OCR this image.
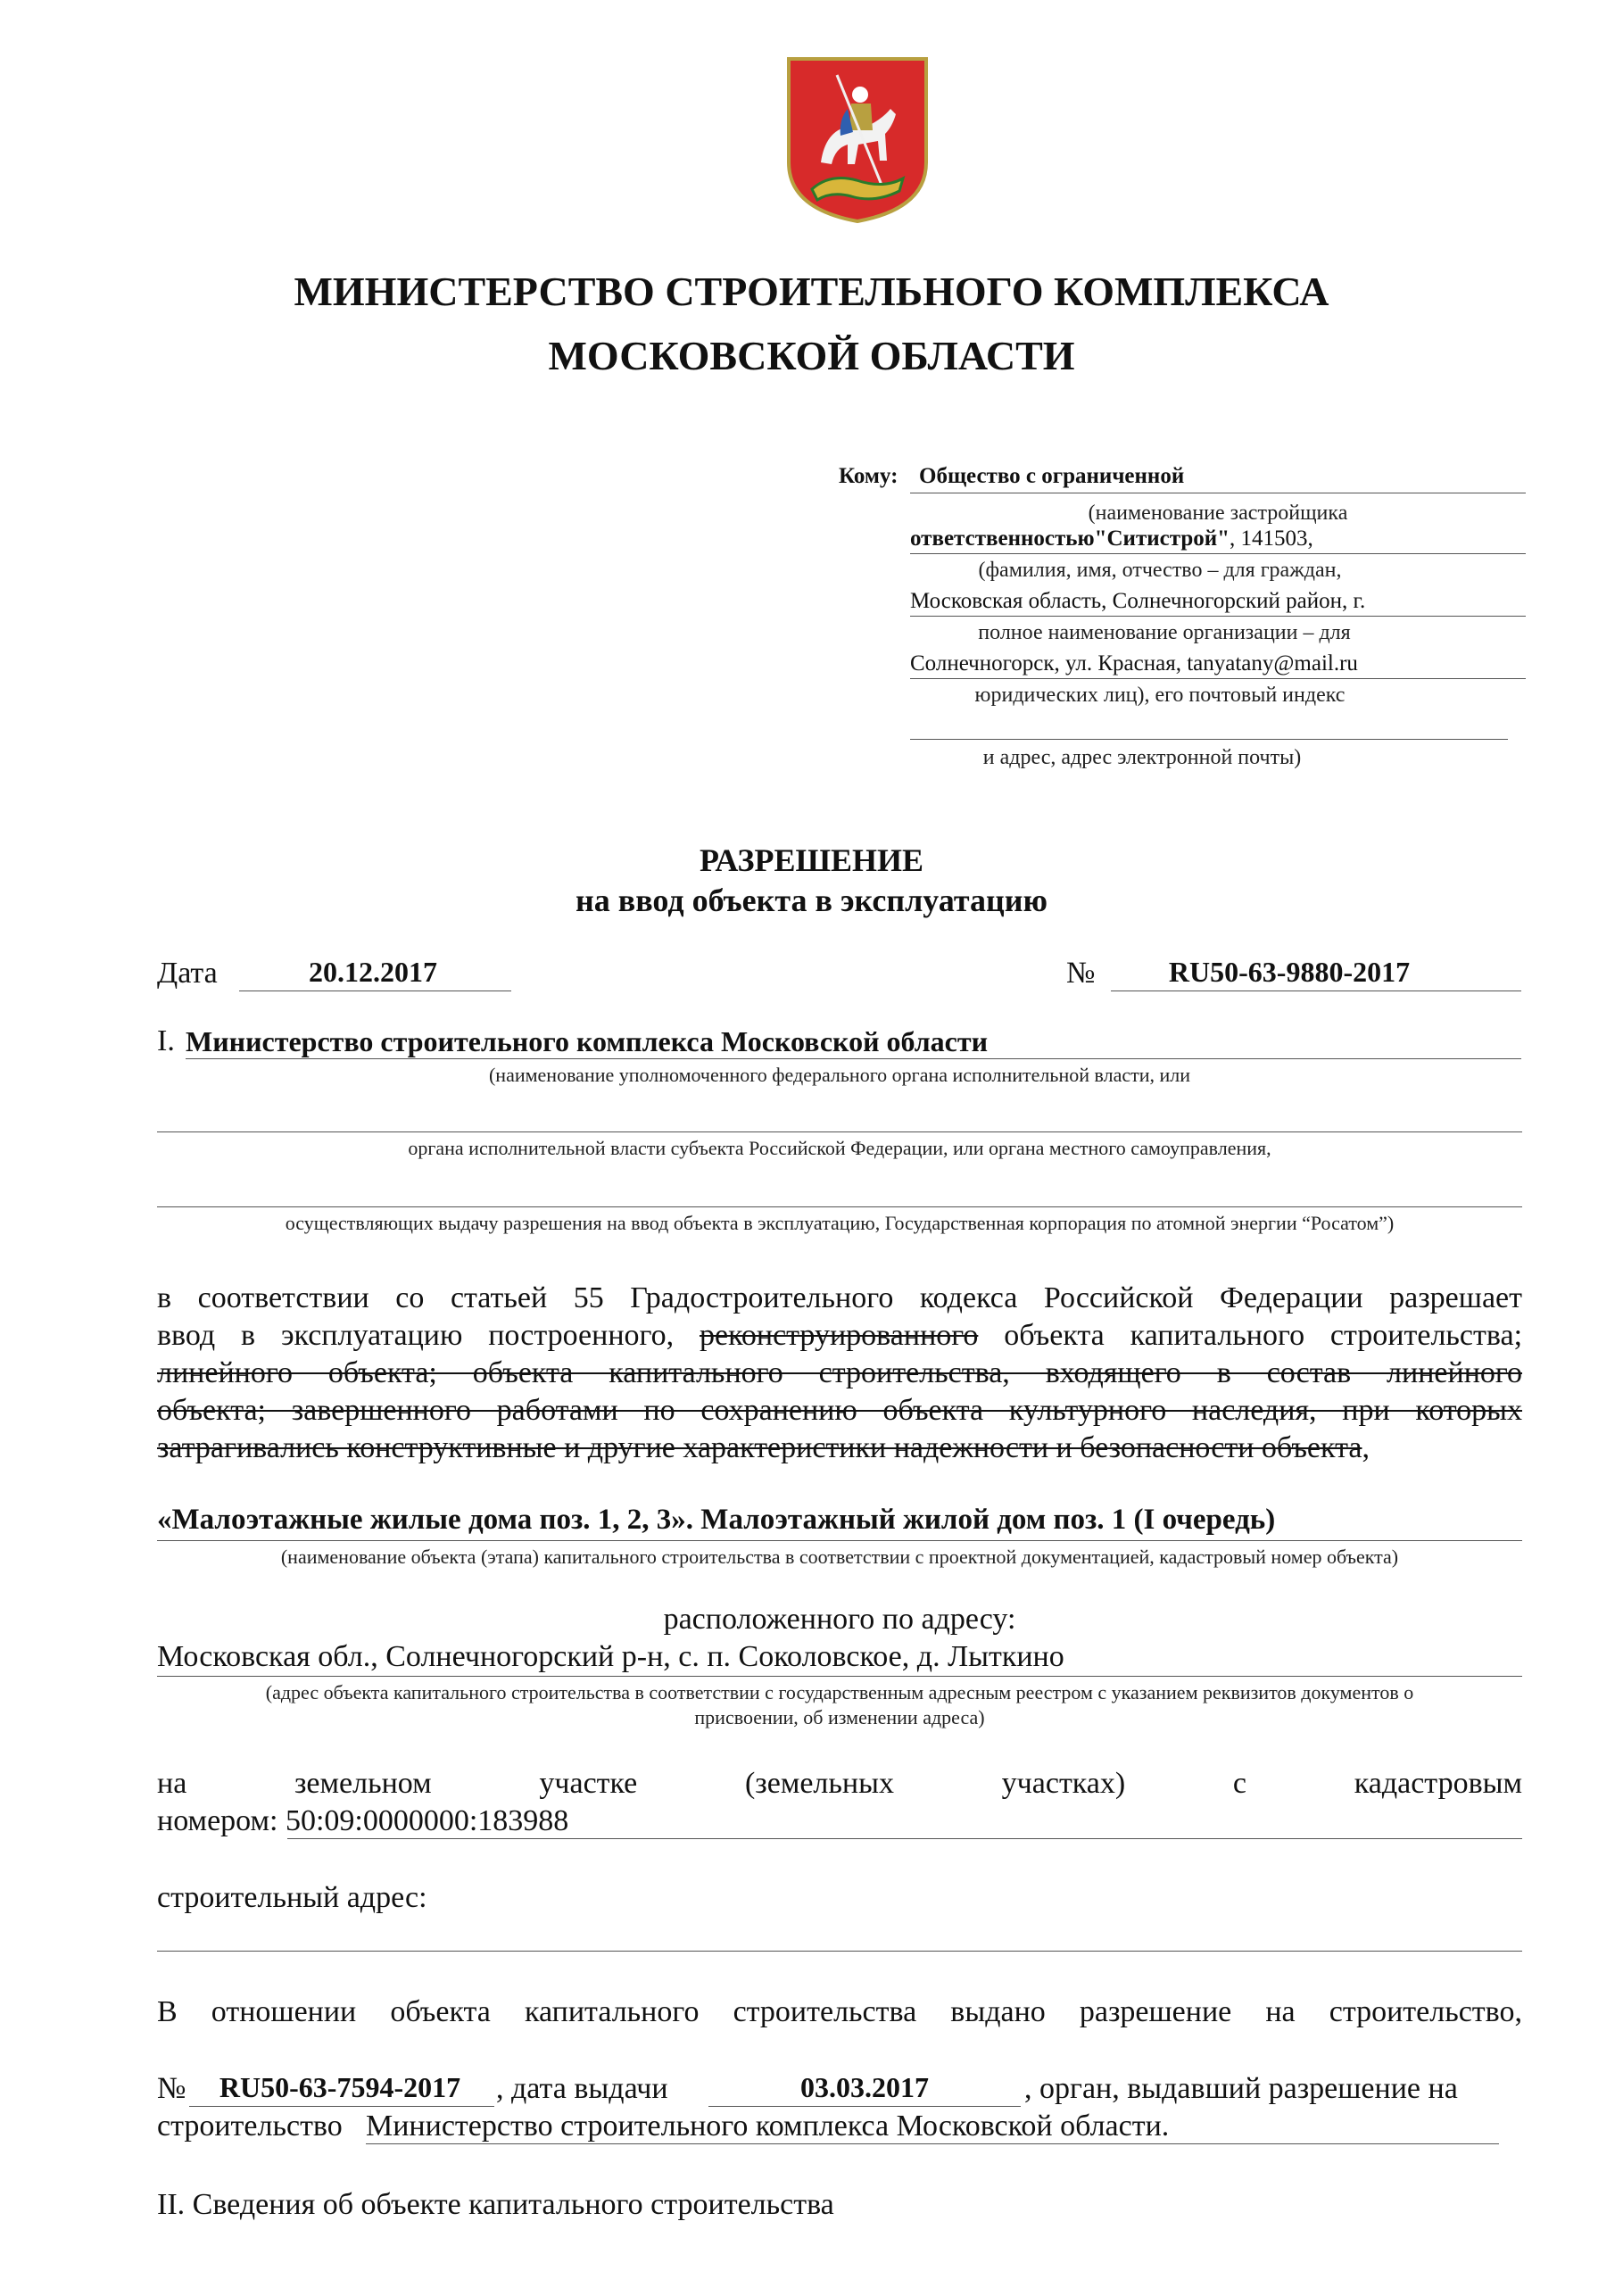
МИНИСТЕРСТВО СТРОИТЕЛЬНОГО КОМПЛЕКСА
МОСКОВСКОЙ ОБЛАСТИ
Кому: Общество с ограниченной
(наименование застройщика
ответственностью"Ситистрой", 141503,
(фамилия, имя, отчество – для граждан,
Московская область, Солнечногорский район, г.
полное наименование организации – для
Солнечногорск, ул. Красная, tanyatany@mail.ru
юридических лиц), его почтовый индекс
и адрес, адрес электронной почты)
РАЗРЕШЕНИЕ
на ввод объекта в эксплуатацию
Дата	20.12.2017	№	RU50-63-9880-2017
I. Министерство строительного комплекса Московской области
(наименование уполномоченного федерального органа исполнительной власти, или
органа исполнительной власти субъекта Российской Федерации, или органа местного самоуправления,
осуществляющих выдачу разрешения на ввод объекта в эксплуатацию, Государственная корпорация по атомной энергии “Росатом”)
в соответствии со статьей 55 Градостроительного кодекса Российской Федерации разрешает
ввод в эксплуатацию построенного, реконструированного объекта капитального строительства;
линейного объекта; объекта капитального строительства, входящего в состав линейного
объекта; завершенного работами по сохранению объекта культурного наследия, при которых
затрагивались конструктивные и другие характеристики надежности и безопасности объекта,
«Малоэтажные жилые дома поз. 1, 2, 3». Малоэтажный жилой дом поз. 1 (I очередь)
(наименование объекта (этапа) капитального строительства в соответствии с проектной документацией, кадастровый номер объекта)
расположенного по адресу:
Московская обл., Солнечногорский р-н, с. п. Соколовское, д. Лыткино
(адрес объекта капитального строительства в соответствии с государственным адресным реестром с указанием реквизитов документов о
присвоении, об изменении адреса)
на	земельном	участке	(земельных	участках)	с	кадастровым
номером: 50:09:0000000:183988
строительный адрес:
В отношении объекта капитального строительства выдано разрешение на строительство,
№	RU50-63-7594-2017	, дата выдачи	03.03.2017	, орган, выдавший разрешение на
строительство Министерство строительного комплекса Московской области.
II. Сведения об объекте капитального строительства
